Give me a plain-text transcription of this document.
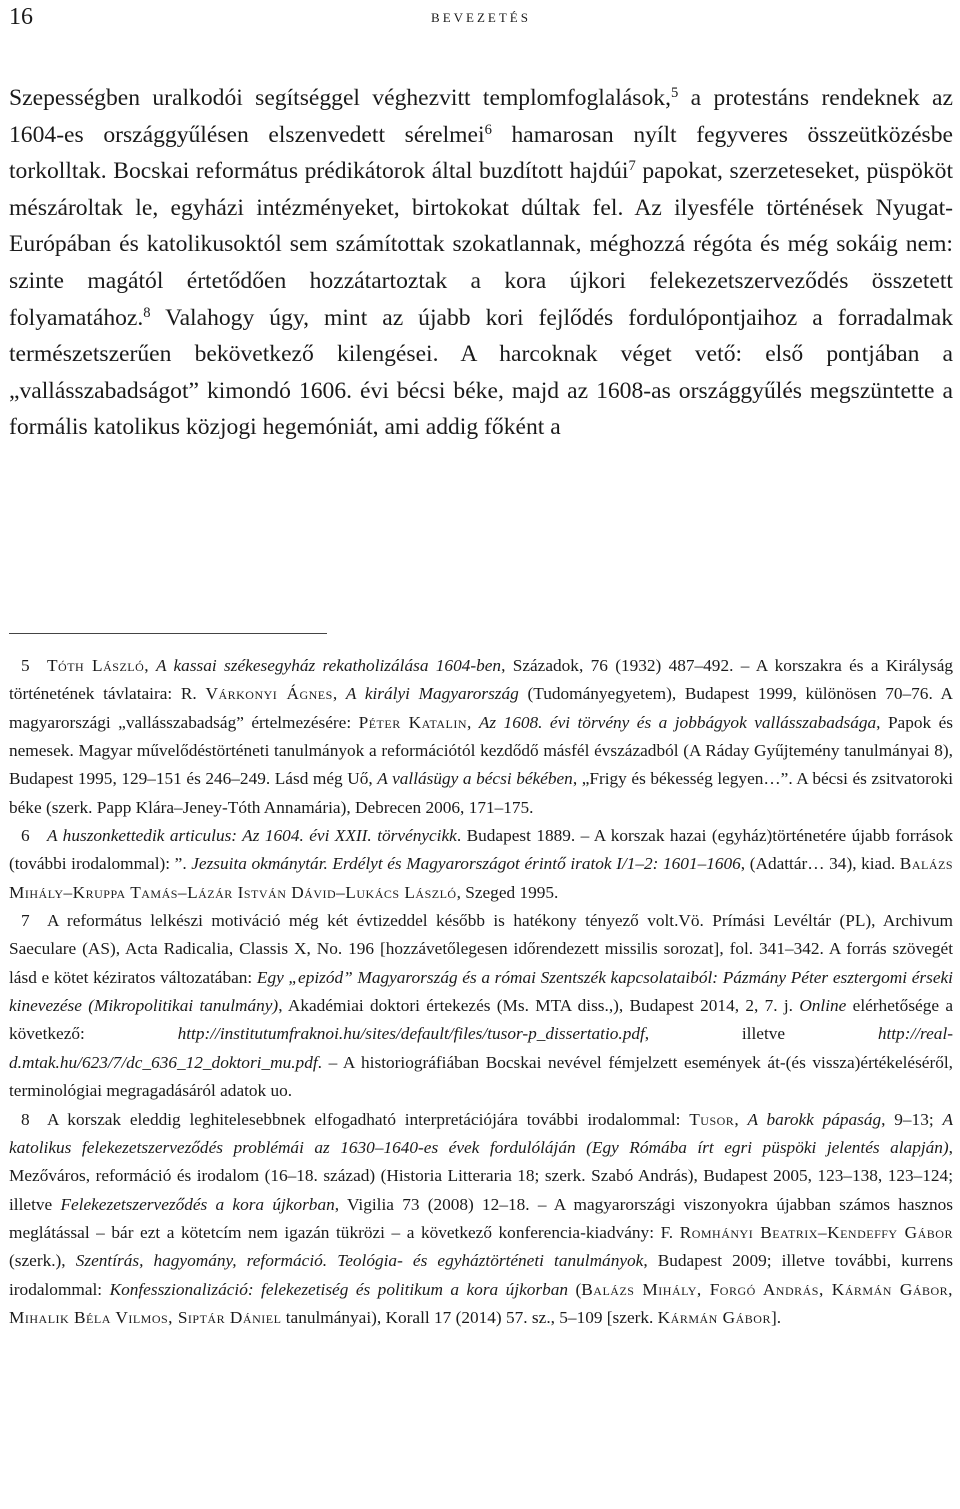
16	bevezetés

Szepességben uralkodói segítséggel véghezvitt templomfoglalások,$^5$ a protestáns rendeknek az 1604-es országgyűlésen elszenvedett sérelmei$^6$ hamarosan nyílt fegyveres összeütközésbe torkolltak. Bocskai református prédikátorok által buzdított hajdúi$^7$ papokat, szerzeteseket, püspököt mészároltak le, egyházi intézményeket, birtokokat dúltak fel. Az ilyesféle történések Nyugat-Európában és katolikusoktól sem számítottak szokatlannak, méghozzá régóta és még sokáig nem: szinte magától értetődően hozzátartoztak a kora újkori felekezetszerveződés összetett folyamatához.$^8$ Valahogy úgy, mint az újabb kori fejlődés fordulópontjaihoz a forradalmak természetszerűen bekövetkező kilengései. A harcoknak véget vető: első pontjában a „vallásszabadságot” kimondó 1606. évi bécsi béke, majd az 1608-as országgyűlés megszüntette a formális katolikus közjogi hegemóniát, ami addig főként a

5 Tóth László, A kassai székesegyház rekatholizálása 1604-ben, Századok, 76 (1932) 487–492. – A korszakra és a Királyság történetének távlataira: R. Várkonyi Ágnes, A királyi Magyarország (Tudományegyetem), Budapest 1999, különösen 70–76. A magyarországi „vallásszabadság” értelmezésére: Péter Katalin, Az 1608. évi törvény és a jobbágyok vallásszabadsága, Papok és nemesek. Magyar művelődéstörténeti tanulmányok a reformációtól kezdődő másfél évszázadból (A Ráday Gyűjtemény tanulmányai 8), Budapest 1995, 129–151 és 246–249. Lásd még Uő, A vallásügy a bécsi békében, „Frigy és békesség legyen…”. A bécsi és zsitvatoroki béke (szerk. Papp Klára–Jeney-Tóth Annamária), Debrecen 2006, 171–175.

6 A huszonkettedik articulus: Az 1604. évi XXII. törvénycikk. Budapest 1889. – A korszak hazai (egyház)történetére újabb források (további irodalommal): ”. Jezsuita okmánytár. Erdélyt és Magyarországot érintő iratok I/1–2: 1601–1606, (Adattár… 34), kiad. Balázs Mihály–Kruppa Tamás–Lázár István Dávid–Lukács László, Szeged 1995.

7 A református lelkészi motiváció még két évtizeddel később is hatékony tényező volt.Vö. Prímási Levéltár (PL), Archivum Saeculare (AS), Acta Radicalia, Classis X, No. 196 [hozzávetőlegesen időrendezett missilis sorozat], fol. 341–342. A forrás szövegét lásd e kötet kéziratos változatában: Egy „epizód” Magyarország és a római Szentszék kapcsolataiból: Pázmány Péter esztergomi érseki kinevezése (Mikropolitikai tanulmány), Akadémiai doktori értekezés (Ms. MTA diss.,), Budapest 2014, 2, 7. j. Online elérhetősége a következő: http://institutumfraknoi.hu/sites/default/files/tusor-p_dissertatio.pdf, illetve http://real-d.mtak.hu/623/7/dc_636_12_doktori_mu.pdf. – A historiográfiában Bocskai nevével fémjelzett események át-(és vissza)értékeléséről, terminológiai megragadásáról adatok uo.

8 A korszak eleddig leghitelesebbnek elfogadható interpretációjára további irodalommal: Tusor, A barokk pápaság, 9–13; A katolikus felekezetszerveződés problémái az 1630–1640-es évek fordulóláján (Egy Rómába írt egri püspöki jelentés alapján), Mezőváros, reformáció és irodalom (16–18. század) (Historia Litteraria 18; szerk. Szabó András), Budapest 2005, 123–138, 123–124; illetve Felekezetszerveződés a kora újkorban, Vigilia 73 (2008) 12–18. – A magyarországi viszonyokra újabban számos hasznos meglátással – bár ezt a kötetcím nem igazán tükrözi – a következő konferencia-kiadvány: F. Romhányi Beatrix–Kendeffy Gábor (szerk.), Szentírás, hagyomány, reformáció. Teológia- és egyháztörténeti tanulmányok, Budapest 2009; illetve további, kurrens irodalommal: Konfesszionalizáció: felekezetiség és politikum a kora újkorban (Balázs Mihály, Forgó András, Kármán Gábor, Mihalik Béla Vilmos, Siptár Dániel tanulmányai), Korall 17 (2014) 57. sz., 5–109 [szerk. Kármán Gábor].
